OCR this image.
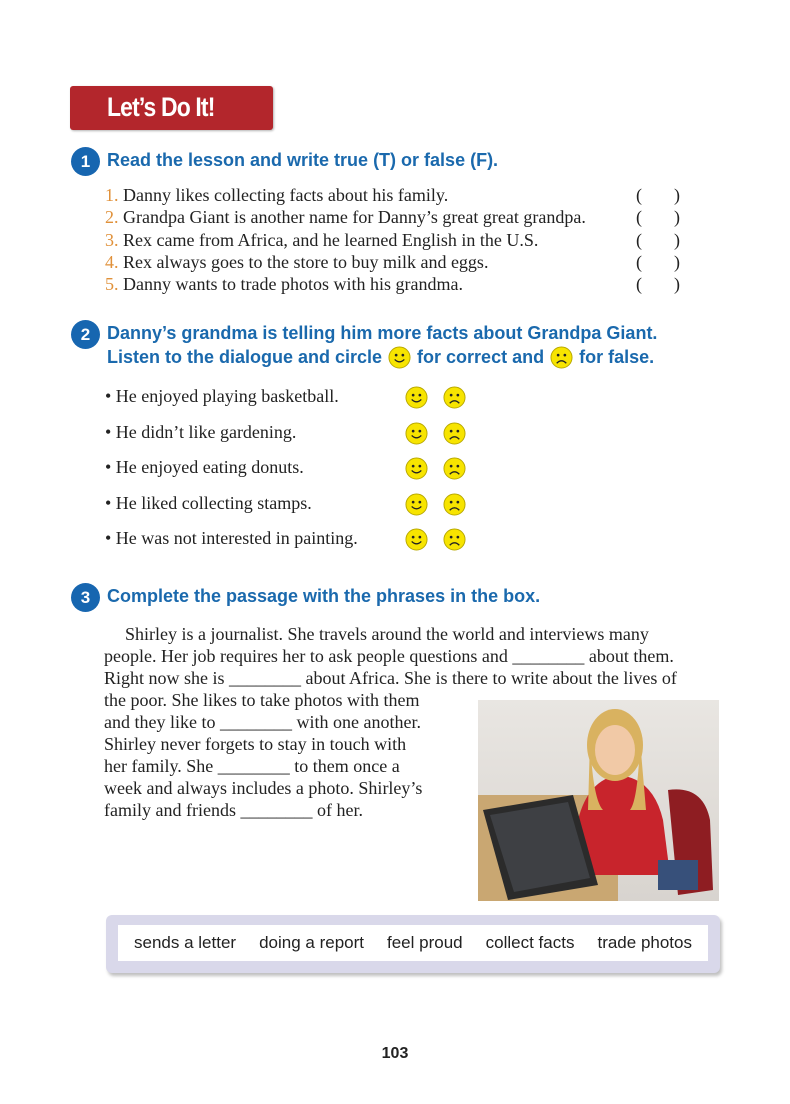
Let’s Do It!
1 Read the lesson and write true (T) or false (F).
1. Danny likes collecting facts about his family.	( )
2. Grandpa Giant is another name for Danny’s great great grandpa.	( )
3. Rex came from Africa, and he learned English in the U.S.	( )
4. Rex always goes to the store to buy milk and eggs.	( )
5. Danny wants to trade photos with his grandma.	( )
2 Danny’s grandma is telling him more facts about Grandpa Giant.
Listen to the dialogue and circle for correct and for false.
• He enjoyed playing basketball.
• He didn’t like gardening.
• He enjoyed eating donuts.
• He liked collecting stamps.
• He was not interested in painting.
3 Complete the passage with the phrases in the box.
Shirley is a journalist. She travels around the world and interviews many
people. Her job requires her to ask people questions and ________ about them.
Right now she is ________ about Africa. She is there to write about the lives of
the poor. She likes to take photos with them
and they like to ________ with one another.
Shirley never forgets to stay in touch with
her family. She ________ to them once a
week and always includes a photo. Shirley’s
family and friends ________ of her.
sends a letter doing a report feel proud collect facts trade photos
103
